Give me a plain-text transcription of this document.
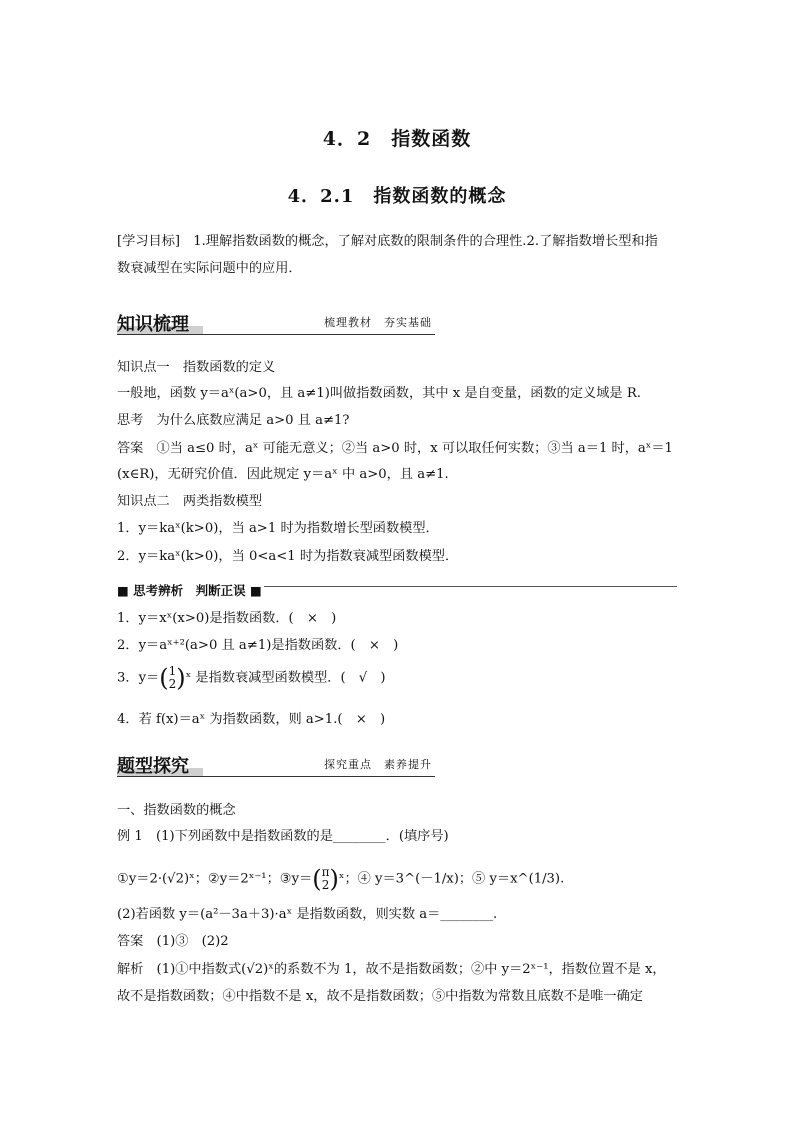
4．2　指数函数
4．2.1　指数函数的概念
[学习目标]　1.理解指数函数的概念，了解对底数的限制条件的合理性.2.了解指数增长型和指
数衰减型在实际问题中的应用．
知识梳理	梳理教材　夯实基础
知识点一　指数函数的定义
一般地，函数 y＝aˣ(a>0，且 a≠1)叫做指数函数，其中 x 是自变量，函数的定义域是 R.
思考　为什么底数应满足 a>0 且 a≠1?
答案　①当 a≤0 时，aˣ 可能无意义；②当 a>0 时，x 可以取任何实数；③当 a＝1 时，aˣ＝1
(x∈R)，无研究价值．因此规定 y＝aˣ 中 a>0，且 a≠1.
知识点二　两类指数模型
1．y＝kaˣ(k>0)，当 a>1 时为指数增长型函数模型．
2．y＝kaˣ(k>0)，当 0<a<1 时为指数衰减型函数模型．
■ 思考辨析　判断正误 ■
1．y＝xˣ(x>0)是指数函数．(　×　)
2．y＝aˣ⁺²(a>0 且 a≠1)是指数函数．(　×　)
3．y＝(1
2)ˣ 是指数衰减型函数模型．(　√　)
4．若 f(x)＝aˣ 为指数函数，则 a>1.(　×　)
题型探究	探究重点　素养提升
一、指数函数的概念
例 1　(1)下列函数中是指数函数的是________．(填序号)
①y＝2·(√2)ˣ；②y＝2ˣ⁻¹；③y＝(π
2)ˣ；④ y＝3^(－1/x)；⑤ y＝x^(1/3).
(2)若函数 y＝(a²－3a＋3)·aˣ 是指数函数，则实数 a＝________.
答案　(1)③　(2)2
解析　(1)①中指数式(√2)ˣ的系数不为 1，故不是指数函数；②中 y＝2ˣ⁻¹，指数位置不是 x，
故不是指数函数；④中指数不是 x，故不是指数函数；⑤中指数为常数且底数不是唯一确定
